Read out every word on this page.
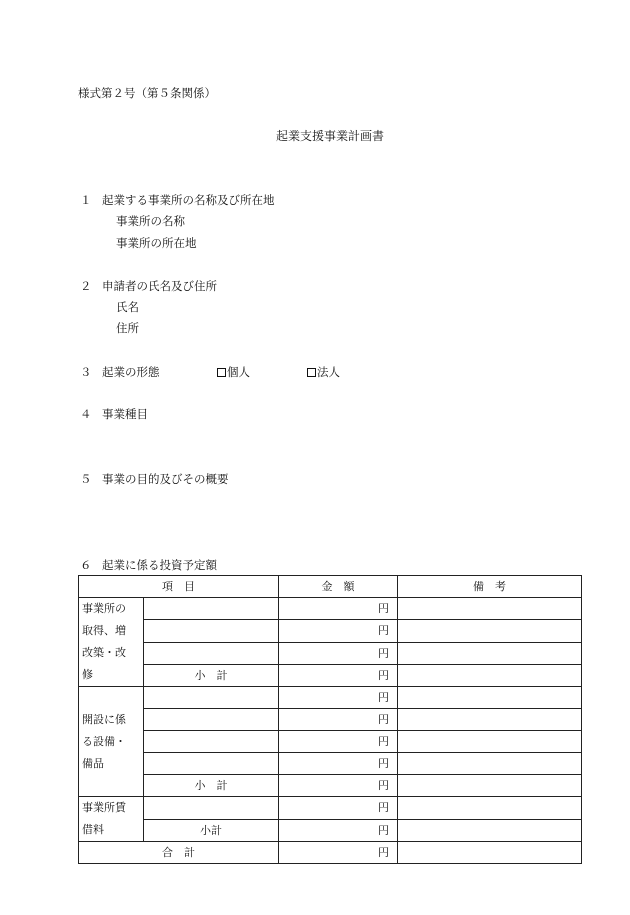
様式第２号（第５条関係）
起業支援事業計画書
１ 起業する事業所の名称及び所在地
事業所の名称
事業所の所在地
２ 申請者の氏名及び住所
氏名
住所
３ 起業の形態	個人	法人
４ 事業種目
５ 事業の目的及びその概要
６ 起業に係る投資予定額
項　目		金　額	備　考

事業所の
取得、増
改築・改
修		円	
		円	
		円	
	小　計	円	

開設に係
る設備・
備品		円	
		円	
		円	
		円	
	小　計	円	

事業所賃
借料		円	
	小計	円	
合　計		円	
